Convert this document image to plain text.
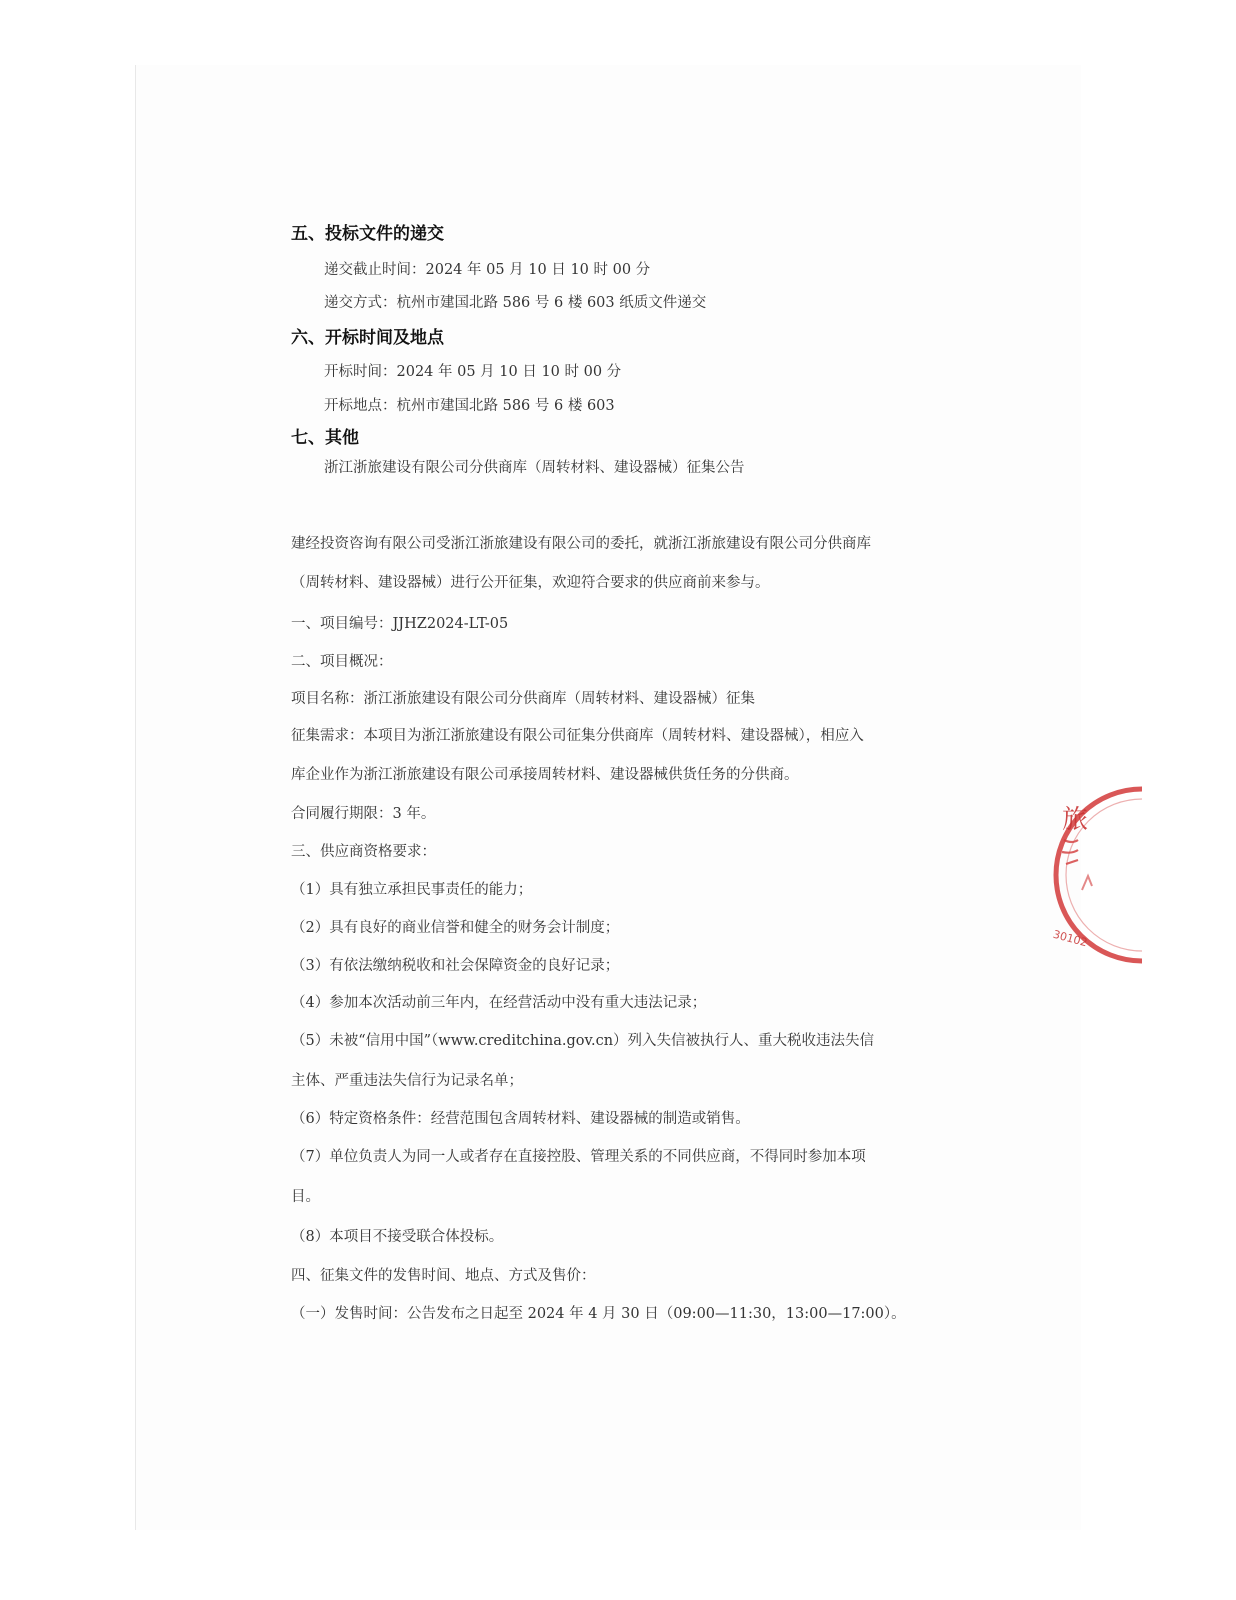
五、投标文件的递交
递交截止时间：2024 年 05 月 10 日 10 时 00 分
递交方式：杭州市建国北路 586 号 6 楼 603 纸质文件递交
六、开标时间及地点
开标时间：2024 年 05 月 10 日 10 时 00 分
开标地点：杭州市建国北路 586 号 6 楼 603
七、其他
浙江浙旅建设有限公司分供商库（周转材料、建设器械）征集公告
建经投资咨询有限公司受浙江浙旅建设有限公司的委托，就浙江浙旅建设有限公司分供商库
（周转材料、建设器械）进行公开征集，欢迎符合要求的供应商前来参与。
一、项目编号：JJHZ2024-LT-05
二、项目概况：
项目名称：浙江浙旅建设有限公司分供商库（周转材料、建设器械）征集
征集需求：本项目为浙江浙旅建设有限公司征集分供商库（周转材料、建设器械），相应入
库企业作为浙江浙旅建设有限公司承接周转材料、建设器械供货任务的分供商。
合同履行期限：3 年。
三、供应商资格要求：
（1）具有独立承担民事责任的能力；
（2）具有良好的商业信誉和健全的财务会计制度；
（3）有依法缴纳税收和社会保障资金的良好记录；
（4）参加本次活动前三年内，在经营活动中没有重大违法记录；
（5）未被“信用中国”（www.creditchina.gov.cn）列入失信被执行人、重大税收违法失信
主体、严重违法失信行为记录名单；
（6）特定资格条件：经营范围包含周转材料、建设器械的制造或销售。
（7）单位负责人为同一人或者存在直接控股、管理关系的不同供应商，不得同时参加本项
目。
（8）本项目不接受联合体投标。
四、征集文件的发售时间、地点、方式及售价：
（一）发售时间：公告发布之日起至 2024 年 4 月 30 日（09:00—11:30，13:00—17:00）。
旅
30102
